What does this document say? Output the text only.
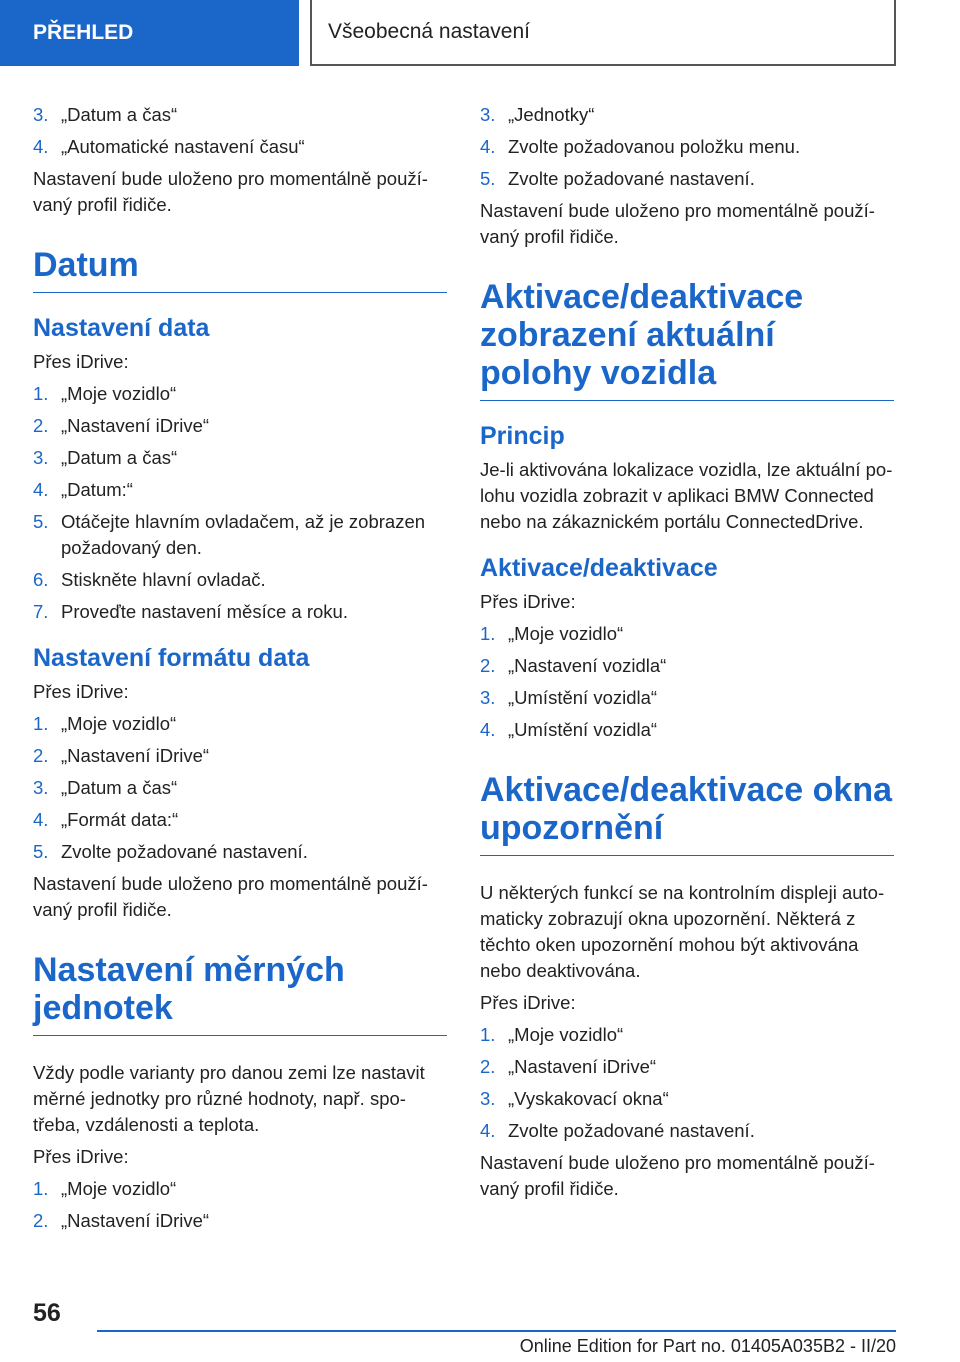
PŘEHLED	Všeobecná nastavení
3. „Datum a čas“
4. „Automatické nastavení času“
Nastavení bude uloženo pro momentálně používaný profil řidiče.
Datum
Nastavení data
Přes iDrive:
1. „Moje vozidlo“
2. „Nastavení iDrive“
3. „Datum a čas“
4. „Datum:“
5. Otáčejte hlavním ovladačem, až je zobrazen požadovaný den.
6. Stiskněte hlavní ovladač.
7. Proveďte nastavení měsíce a roku.
Nastavení formátu data
Přes iDrive:
1. „Moje vozidlo“
2. „Nastavení iDrive“
3. „Datum a čas“
4. „Formát data:“
5. Zvolte požadované nastavení.
Nastavení bude uloženo pro momentálně používaný profil řidiče.
Nastavení měrných jednotek
Vždy podle varianty pro danou zemi lze nastavit měrné jednotky pro různé hodnoty, např. spotřeba, vzdálenosti a teplota.
Přes iDrive:
1. „Moje vozidlo“
2. „Nastavení iDrive“
3. „Jednotky“
4. Zvolte požadovanou položku menu.
5. Zvolte požadované nastavení.
Nastavení bude uloženo pro momentálně používaný profil řidiče.
Aktivace/deaktivace zobrazení aktuální polohy vozidla
Princip
Je-li aktivována lokalizace vozidla, lze aktuální polohu vozidla zobrazit v aplikaci BMW Connected nebo na zákaznickém portálu ConnectedDrive.
Aktivace/deaktivace
Přes iDrive:
1. „Moje vozidlo“
2. „Nastavení vozidla“
3. „Umístění vozidla“
4. „Umístění vozidla“
Aktivace/deaktivace okna upozornění
U některých funkcí se na kontrolním displeji automaticky zobrazují okna upozornění. Některá z těchto oken upozornění mohou být aktivována nebo deaktivována.
Přes iDrive:
1. „Moje vozidlo“
2. „Nastavení iDrive“
3. „Vyskakovací okna“
4. Zvolte požadované nastavení.
Nastavení bude uloženo pro momentálně používaný profil řidiče.
56
Online Edition for Part no. 01405A035B2 - II/20
